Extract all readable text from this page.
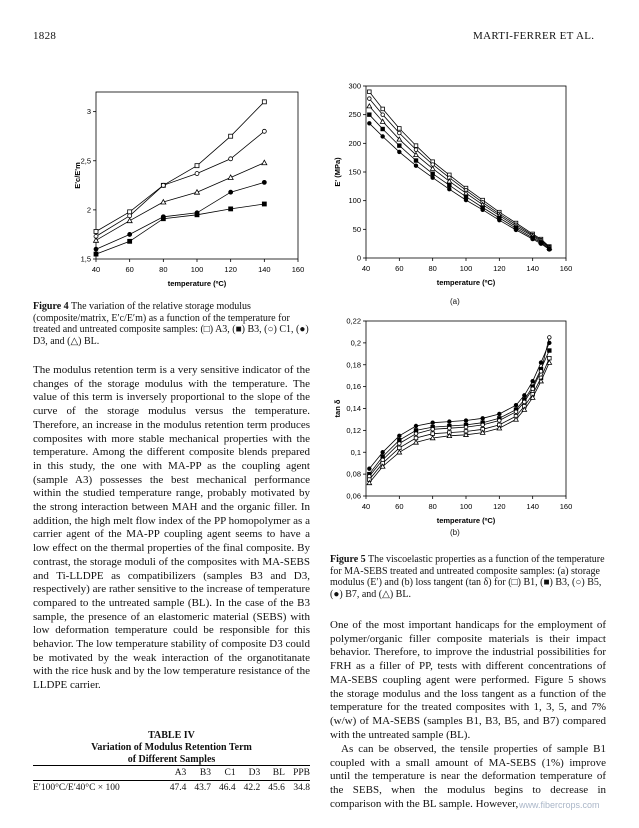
1828	MARTI-FERRER ET AL.
40	60	80	100	120	140	160
1,5
2
2,5
3
temperature (ºC)
E'c/E'm
Figure 4 The variation of the relative storage modulus (composite/matrix, E′c/E′m) as a function of the temperature for treated and untreated composite samples: (□) A3, (■) B3, (○) C1, (●) D3, and (△) BL.

The modulus retention term is a very sensitive indicator of the changes of the storage modulus with the temperature. The value of this term is inversely proportional to the slope of the curve of the storage modulus versus the temperature. Therefore, an increase in the modulus retention term produces composites with more stable mechanical properties with the temperature. Among the different composite blends prepared in this study, the one with MA-PP as the coupling agent (sample A3) possesses the best mechanical performance within the studied temperature range, probably motivated by the strong interaction between MAH and the organic filler. In addition, the high melt flow index of the PP homopolymer as a carrier agent of the MA-PP coupling agent seems to have a low effect on the thermal properties of the final composite. By contrast, the storage moduli of the composites with MA-SEBS and Ti-LLDPE as compatibilizers (samples B3 and D3, respectively) are rather sensitive to the increase of temperature compared to the untreated sample (BL). In the case of the B3 sample, the presence of an elastomeric material (SEBS) with low deformation temperature could be responsible for this behavior. The low temperature stability of composite D3 could be motivated by the weak interaction of the organotitanate with the rice husk and by the low temperature resistance of the LLDPE carrier.

TABLE IV
Variation of Modulus Retention Term
of Different Samples
	A3	B3	C1	D3	BL	PPB
E′100°C/E′40°C × 100	47.4	43.7	46.4	42.2	45.6	34.8
40	60	80	100	120	140	160
0
50
100
150
200
250
300
temperature (ºC)
E' (MPa)
(a)
40	60	80	100	120	140	160
0,06
0,08
0,1
0,12
0,14
0,16
0,18
0,2
0,22
temperature (ºC)
tan δ
(b)
Figure 5 The viscoelastic properties as a function of the temperature for MA-SEBS treated and untreated composite samples: (a) storage modulus (E′) and (b) loss tangent (tan δ) for (□) B1, (■) B3, (○) B5, (●) B7, and (△) BL.

One of the most important handicaps for the employment of polymer/organic filler composite materials is their impact behavior. Therefore, to improve the industrial possibilities for FRH as a filler of PP, tests with different concentrations of MA-SEBS coupling agent were performed. Figure 5 shows the storage modulus and the loss tangent as a function of the temperature for the treated composites with 1, 3, 5, and 7% (w/w) of MA-SEBS (samples B1, B3, B5, and B7) compared with the untreated sample (BL).

As can be observed, the tensile properties of sample B1 coupled with a small amount of MA-SEBS (1%) improve until the temperature is near the deformation temperature of the SEBS, when the modulus begins to decrease in comparison with the BL sample. However, www.fibercrops.com
